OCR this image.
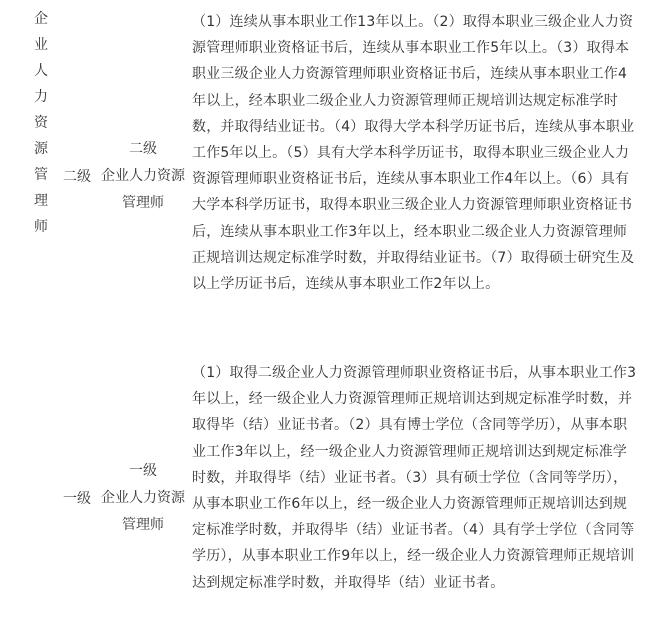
企
业
人
力
资
源
管
理
师
二级
二级
企业人力资源
管理师
（1）连续从事本职业工作13年以上。（2）取得本职业三级企业人力资源管理师职业资格证书后，连续从事本职业工作5年以上。（3）取得本职业三级企业人力资源管理师职业资格证书后，连续从事本职业工作4年以上，经本职业二级企业人力资源管理师正规培训达规定标准学时数，并取得结业证书。（4）取得大学本科学历证书后，连续从事本职业工作5年以上。（5）具有大学本科学历证书，取得本职业三级企业人力资源管理师职业资格证书后，连续从事本职业工作4年以上。（6）具有大学本科学历证书，取得本职业三级企业人力资源管理师职业资格证书后，连续从事本职业工作3年以上，经本职业二级企业人力资源管理师正规培训达规定标准学时数，并取得结业证书。（7）取得硕士研究生及以上学历证书后，连续从事本职业工作2年以上。
一级
一级
企业人力资源
管理师
（1）取得二级企业人力资源管理师职业资格证书后，从事本职业工作3年以上，经一级企业人力资源管理师正规培训达到规定标准学时数，并取得毕（结）业证书者。（2）具有博士学位（含同等学历），从事本职业工作3年以上，经一级企业人力资源管理师正规培训达到规定标准学时数，并取得毕（结）业证书者。（3）具有硕士学位（含同等学历），从事本职业工作6年以上，经一级企业人力资源管理师正规培训达到规定标准学时数，并取得毕（结）业证书者。（4）具有学士学位（含同等学历），从事本职业工作9年以上，经一级企业人力资源管理师正规培训达到规定标准学时数，并取得毕（结）业证书者。
